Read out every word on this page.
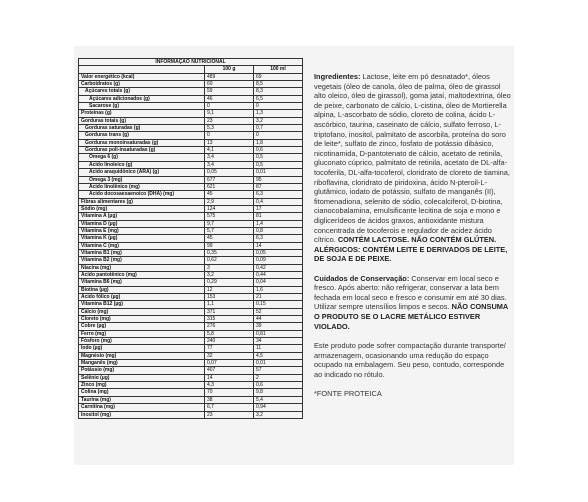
INFORMAÇÃO NUTRICIONAL		
	100 g	100 ml
Valor energético (kcal)	489	69
Carboidratos (g)	60	8,5
Açúcares totais (g)	59	8,3
Açúcares adicionados (g)	46	6,5
Sacarose (g)	0	0
Proteínas (g)	9,1	1,3
Gorduras totais (g)	23	3,2
Gorduras saturadas (g)	5,3	0,7
Gorduras trans (g)	0	0
Gorduras monoinsaturadas (g)	13	1,8
Gorduras poli-insaturadas (g)	4,1	0,6
Ômega 6 (g)	3,4	0,5
Ácido linoleico (g)	3,4	0,5
Ácido araquidônico (ARA) (g)	0,05	0,01
Ômega 3 (mg)	677	95
Ácido linolênico (mg)	621	87
Ácido docosaexaenoico (DHA) (mg)	45	6,3
Fibras alimentares (g)	2,9	0,4
Sódio (mg)	124	17
Vitamina A (µg)	575	81
Vitamina D (µg)	9,7	1,4
Vitamina E (mg)	5,7	0,8
Vitamina K (µg)	45	6,3
Vitamina C (mg)	99	14
Vitamina B1 (mg)	0,35	0,05
Vitamina B2 (mg)	0,62	0,09
Niacina (mg)	3	0,42
Ácido pantotênico (mg)	3,2	0,44
Vitamina B6 (mg)	0,29	0,04
Biotina (µg)	12	1,6
Ácido fólico (µg)	153	21
Vitamina B12 (µg)	1,1	0,15
Cálcio (mg)	371	52
Cloreto (mg)	315	44
Cobre (µg)	276	39
Ferro (mg)	5,8	0,81
Fósforo (mg)	240	34
Iodo (µg)	77	11
Magnésio (mg)	32	4,5
Manganês (mg)	0,07	0,01
Potássio (mg)	407	57
Selênio (µg)	14	2
Zinco (mg)	4,3	0,6
Colina (mg)	70	9,8
Taurina (mg)	38	5,4
Carnitina (mg)	6,7	0,94
Inositol (mg)	23	3,2

Ingredientes: Lactose, leite em pó desnatado*, óleos vegetais (óleo de canola, óleo de palma, óleo de girassol alto oleico, óleo de girassol), goma jataí, maltodextrina, óleo de peixe, carbonato de cálcio, L-cistina, óleo de Mortierella alpina, L-ascorbato de sódio, cloreto de colina, ácido L-ascórbico, taurina, caseinato de cálcio, sulfato ferroso, L-triptofano, inositol, palmitato de ascorbila, proteína do soro de leite*, sulfato de zinco, fosfato de potássio dibásico, nicotinamida, D-pantotenato de cálcio, acetato de retinila, gluconato cúprico, palmitato de retinila, acetato de DL-alfa-tocoferila, DL-alfa-tocoferol, cloridrato de cloreto de tiamina, riboflavina, cloridrato de piridoxina, ácido N-pteroil-L-glutâmico, iodato de potássio, sulfato de manganês (II), fitomenadiona, selenito de sódio, colecalciferol, D-biotina, cianocobalamina, emulsificante lecitina de soja e mono e diglicerídeos de ácidos graxos, antioxidante mistura concentrada de tocoferois e regulador de acidez ácido cítrico. CONTÉM LACTOSE. NÃO CONTÉM GLÚTEN. ALÉRGICOS: CONTÉM LEITE E DERIVADOS DE LEITE, DE SOJA E DE PEIXE.

Cuidados de Conservação: Conservar em local seco e fresco. Após aberto: não refrigerar, conservar a lata bem fechada em local seco e fresco e consumir em até 30 dias. Utilizar sempre utensílios limpos e secos. NÃO CONSUMA O PRODUTO SE O LACRE METÁLICO ESTIVER VIOLADO.

Este produto pode sofrer compactação durante transporte/ armazenagem, ocasionando uma redução do espaço ocupado na embalagem. Seu peso, contudo, corresponde ao indicado no rótulo.

*FONTE PROTEICA
